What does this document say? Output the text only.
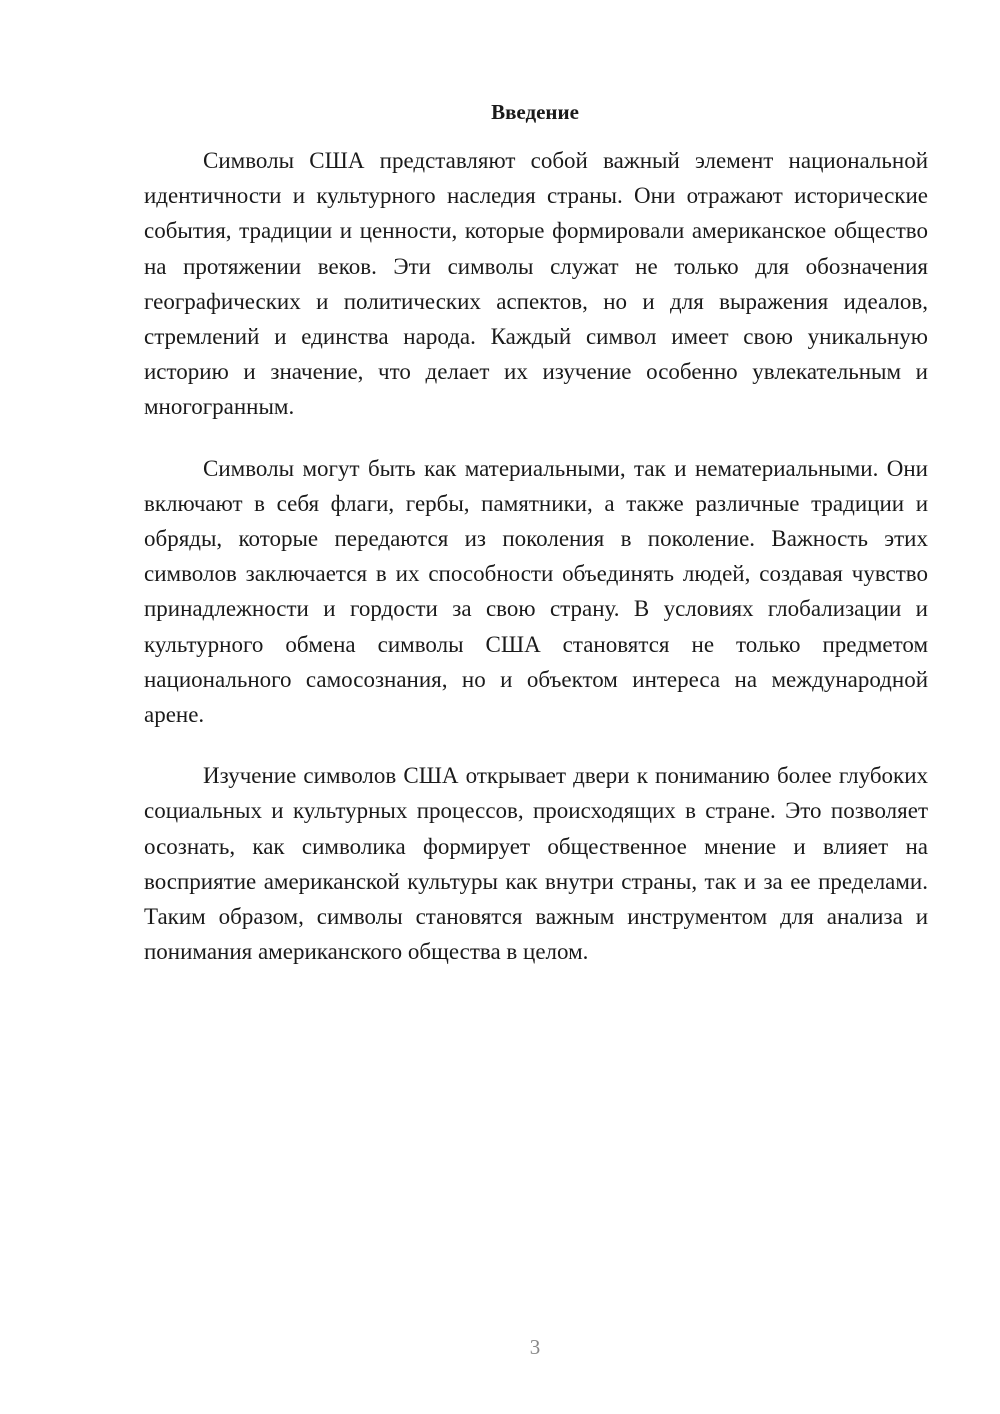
Введение

Символы США представляют собой важный элемент национальной идентичности и культурного наследия страны. Они отражают исторические события, традиции и ценности, которые формировали американское общество на протяжении веков. Эти символы служат не только для обозначения географических и политических аспектов, но и для выражения идеалов, стремлений и единства народа. Каждый символ имеет свою уникальную историю и значение, что делает их изучение особенно увлекательным и многогранным.

Символы могут быть как материальными, так и нематериальными. Они включают в себя флаги, гербы, памятники, а также различные традиции и обряды, которые передаются из поколения в поколение. Важность этих символов заключается в их способности объединять людей, создавая чувство принадлежности и гордости за свою страну. В условиях глобализации и культурного обмена символы США становятся не только предметом национального самосознания, но и объектом интереса на международной арене.

Изучение символов США открывает двери к пониманию более глубоких социальных и культурных процессов, происходящих в стране. Это позволяет осознать, как символика формирует общественное мнение и влияет на восприятие американской культуры как внутри страны, так и за ее пределами. Таким образом, символы становятся важным инструментом для анализа и понимания американского общества в целом.

3
